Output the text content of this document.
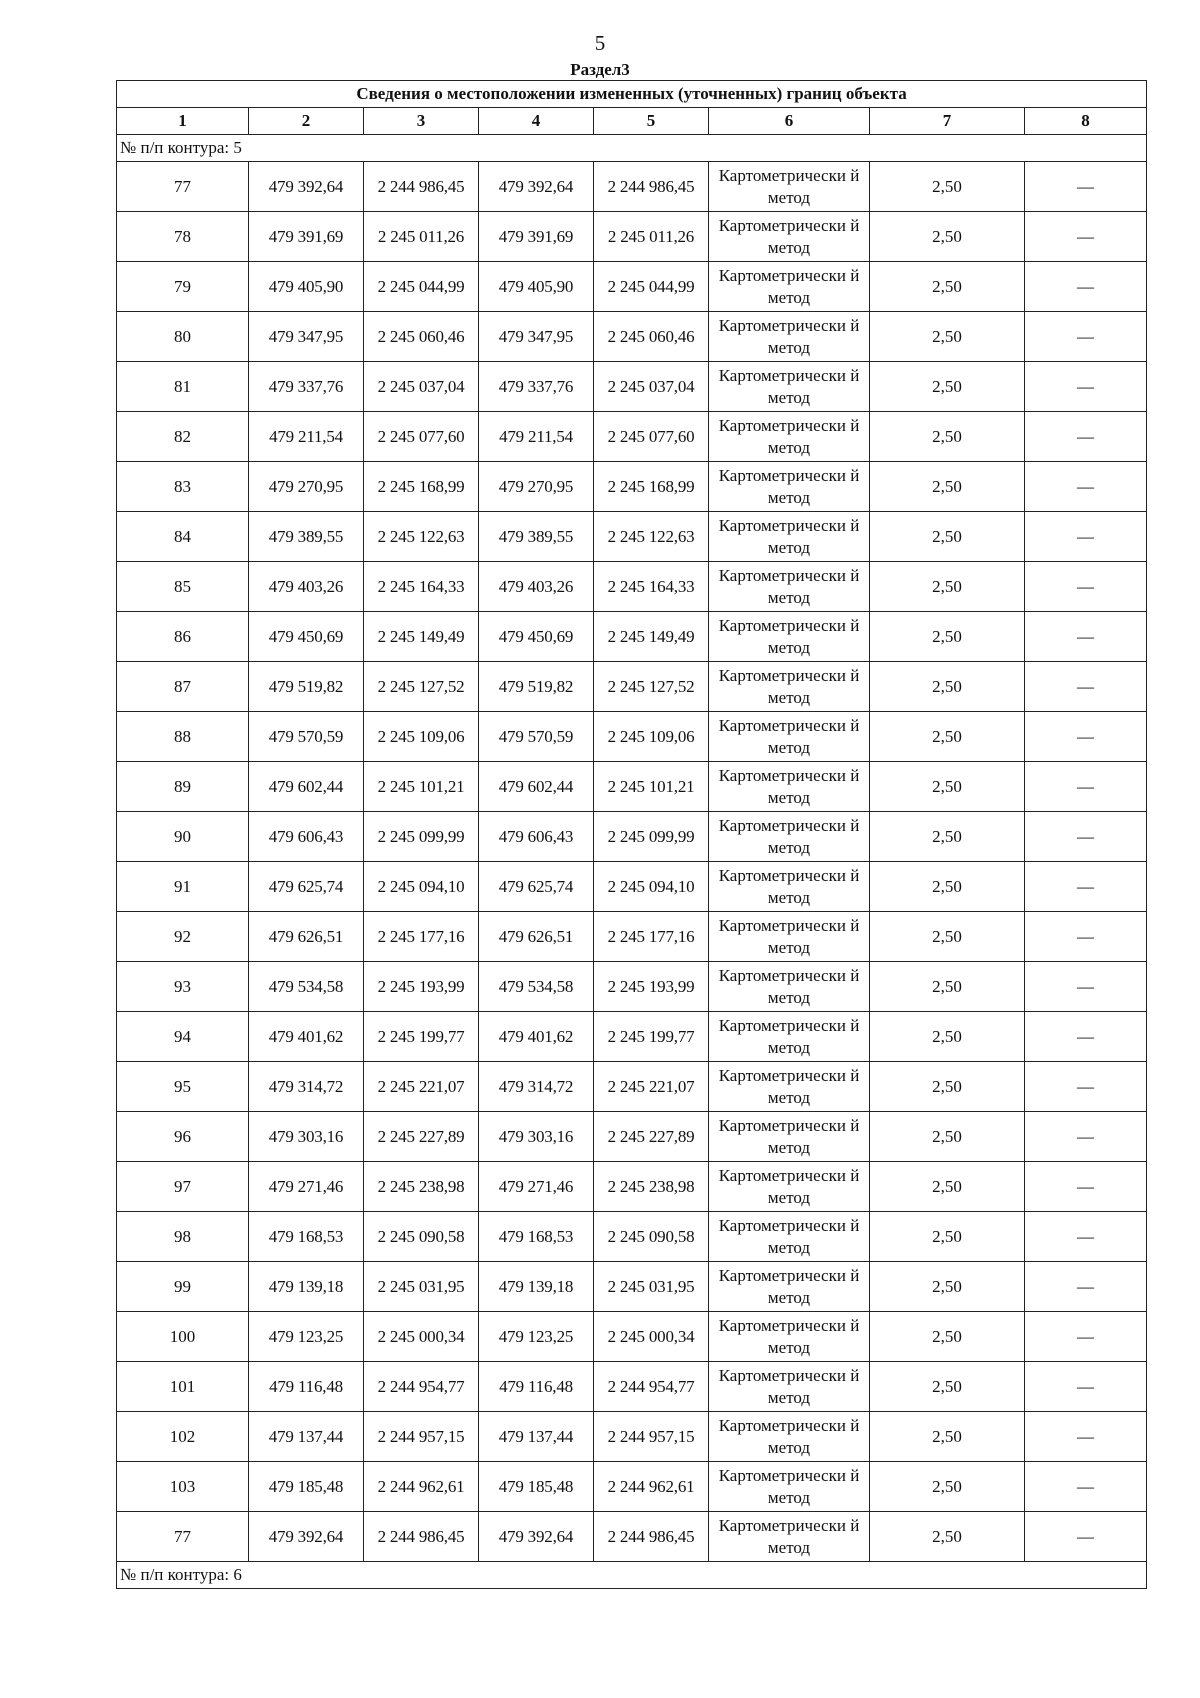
5
Раздел3
Сведения о местоположении измененных (уточненных) границ объекта							
1	2	3	4	5	6	7	8
№ п/п контура: 5							
77	479 392,64	2 244 986,45	479 392,64	2 244 986,45	Картометрически й метод	2,50	—
78	479 391,69	2 245 011,26	479 391,69	2 245 011,26	Картометрически й метод	2,50	—
79	479 405,90	2 245 044,99	479 405,90	2 245 044,99	Картометрически й метод	2,50	—
80	479 347,95	2 245 060,46	479 347,95	2 245 060,46	Картометрически й метод	2,50	—
81	479 337,76	2 245 037,04	479 337,76	2 245 037,04	Картометрически й метод	2,50	—
82	479 211,54	2 245 077,60	479 211,54	2 245 077,60	Картометрически й метод	2,50	—
83	479 270,95	2 245 168,99	479 270,95	2 245 168,99	Картометрически й метод	2,50	—
84	479 389,55	2 245 122,63	479 389,55	2 245 122,63	Картометрически й метод	2,50	—
85	479 403,26	2 245 164,33	479 403,26	2 245 164,33	Картометрически й метод	2,50	—
86	479 450,69	2 245 149,49	479 450,69	2 245 149,49	Картометрически й метод	2,50	—
87	479 519,82	2 245 127,52	479 519,82	2 245 127,52	Картометрически й метод	2,50	—
88	479 570,59	2 245 109,06	479 570,59	2 245 109,06	Картометрически й метод	2,50	—
89	479 602,44	2 245 101,21	479 602,44	2 245 101,21	Картометрически й метод	2,50	—
90	479 606,43	2 245 099,99	479 606,43	2 245 099,99	Картометрически й метод	2,50	—
91	479 625,74	2 245 094,10	479 625,74	2 245 094,10	Картометрически й метод	2,50	—
92	479 626,51	2 245 177,16	479 626,51	2 245 177,16	Картометрически й метод	2,50	—
93	479 534,58	2 245 193,99	479 534,58	2 245 193,99	Картометрически й метод	2,50	—
94	479 401,62	2 245 199,77	479 401,62	2 245 199,77	Картометрически й метод	2,50	—
95	479 314,72	2 245 221,07	479 314,72	2 245 221,07	Картометрически й метод	2,50	—
96	479 303,16	2 245 227,89	479 303,16	2 245 227,89	Картометрически й метод	2,50	—
97	479 271,46	2 245 238,98	479 271,46	2 245 238,98	Картометрически й метод	2,50	—
98	479 168,53	2 245 090,58	479 168,53	2 245 090,58	Картометрически й метод	2,50	—
99	479 139,18	2 245 031,95	479 139,18	2 245 031,95	Картометрически й метод	2,50	—
100	479 123,25	2 245 000,34	479 123,25	2 245 000,34	Картометрически й метод	2,50	—
101	479 116,48	2 244 954,77	479 116,48	2 244 954,77	Картометрически й метод	2,50	—
102	479 137,44	2 244 957,15	479 137,44	2 244 957,15	Картометрически й метод	2,50	—
103	479 185,48	2 244 962,61	479 185,48	2 244 962,61	Картометрически й метод	2,50	—
77	479 392,64	2 244 986,45	479 392,64	2 244 986,45	Картометрически й метод	2,50	—
№ п/п контура: 6							
